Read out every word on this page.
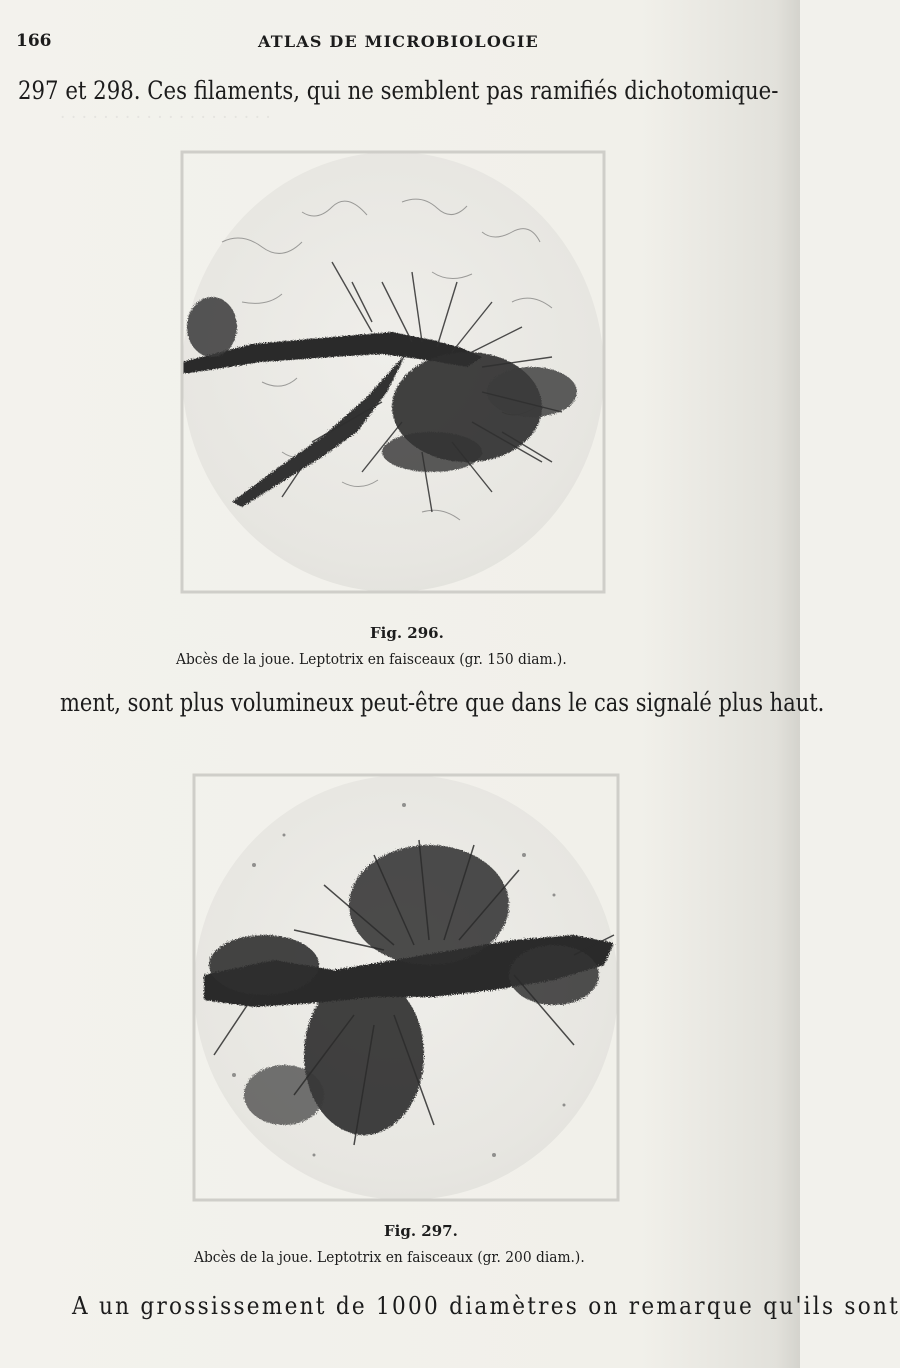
· · · · · · · · · · · · · · · · · · · ·
166	ATLAS DE MICROBIOLOGIE
297 et 298. Ces filaments, qui ne semblent pas ramifiés dichotomique-
Fig. 296.
Abcès de la joue. Leptotrix en faisceaux (gr. 150 diam.).
ment, sont plus volumineux peut-être que dans le cas signalé plus haut.
Fig. 297.
Abcès de la joue. Leptotrix en faisceaux (gr. 200 diam.).
A un grossissement de 1000 diamètres on remarque qu'ils sont
